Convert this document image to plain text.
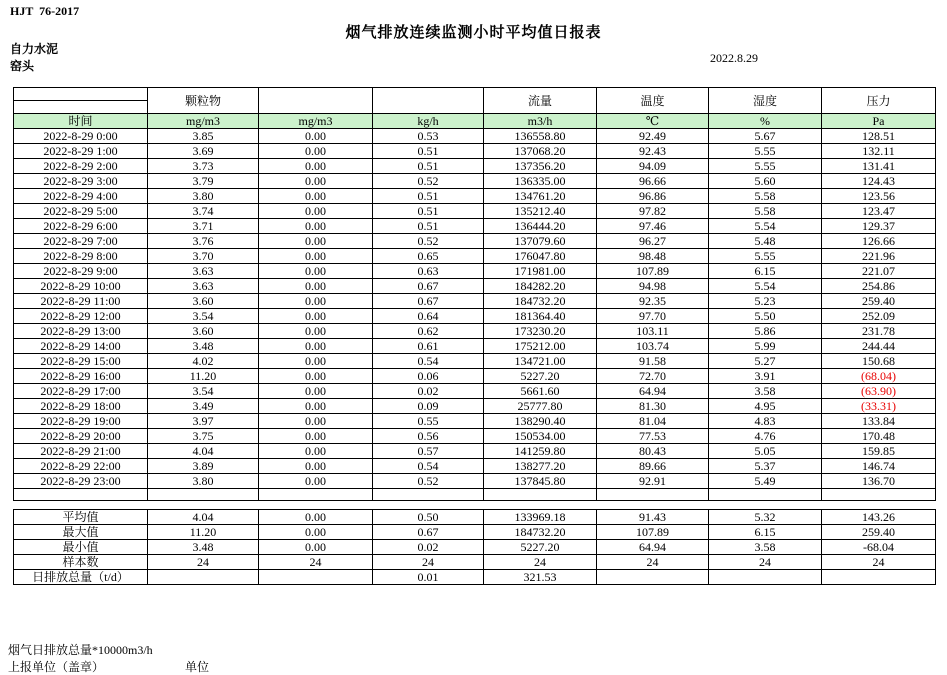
HJT  76-2017
烟气排放连续监测小时平均值日报表
自力水泥
窑头
2022.8.29
	颗粒物			流量	温度	湿度	压力

时间	mg/m3	mg/m3	kg/h	m3/h	℃	%	Pa
2022-8-29 0:00	3.85	0.00	0.53	136558.80	92.49	5.67	128.51
2022-8-29 1:00	3.69	0.00	0.51	137068.20	92.43	5.55	132.11
2022-8-29 2:00	3.73	0.00	0.51	137356.20	94.09	5.55	131.41
2022-8-29 3:00	3.79	0.00	0.52	136335.00	96.66	5.60	124.43
2022-8-29 4:00	3.80	0.00	0.51	134761.20	96.86	5.58	123.56
2022-8-29 5:00	3.74	0.00	0.51	135212.40	97.82	5.58	123.47
2022-8-29 6:00	3.71	0.00	0.51	136444.20	97.46	5.54	129.37
2022-8-29 7:00	3.76	0.00	0.52	137079.60	96.27	5.48	126.66
2022-8-29 8:00	3.70	0.00	0.65	176047.80	98.48	5.55	221.96
2022-8-29 9:00	3.63	0.00	0.63	171981.00	107.89	6.15	221.07
2022-8-29 10:00	3.63	0.00	0.67	184282.20	94.98	5.54	254.86
2022-8-29 11:00	3.60	0.00	0.67	184732.20	92.35	5.23	259.40
2022-8-29 12:00	3.54	0.00	0.64	181364.40	97.70	5.50	252.09
2022-8-29 13:00	3.60	0.00	0.62	173230.20	103.11	5.86	231.78
2022-8-29 14:00	3.48	0.00	0.61	175212.00	103.74	5.99	244.44
2022-8-29 15:00	4.02	0.00	0.54	134721.00	91.58	5.27	150.68
2022-8-29 16:00	11.20	0.00	0.06	5227.20	72.70	3.91	(68.04)
2022-8-29 17:00	3.54	0.00	0.02	5661.60	64.94	3.58	(63.90)
2022-8-29 18:00	3.49	0.00	0.09	25777.80	81.30	4.95	(33.31)
2022-8-29 19:00	3.97	0.00	0.55	138290.40	81.04	4.83	133.84
2022-8-29 20:00	3.75	0.00	0.56	150534.00	77.53	4.76	170.48
2022-8-29 21:00	4.04	0.00	0.57	141259.80	80.43	5.05	159.85
2022-8-29 22:00	3.89	0.00	0.54	138277.20	89.66	5.37	146.74
2022-8-29 23:00	3.80	0.00	0.52	137845.80	92.91	5.49	136.70

平均值	4.04	0.00	0.50	133969.18	91.43	5.32	143.26
最大值	11.20	0.00	0.67	184732.20	107.89	6.15	259.40
最小值	3.48	0.00	0.02	5227.20	64.94	3.58	-68.04
样本数	24	24	24	24	24	24	24
日排放总量（t/d）			0.01	321.53			
烟气日排放总量*10000m3/h
上报单位（盖章）	单位
